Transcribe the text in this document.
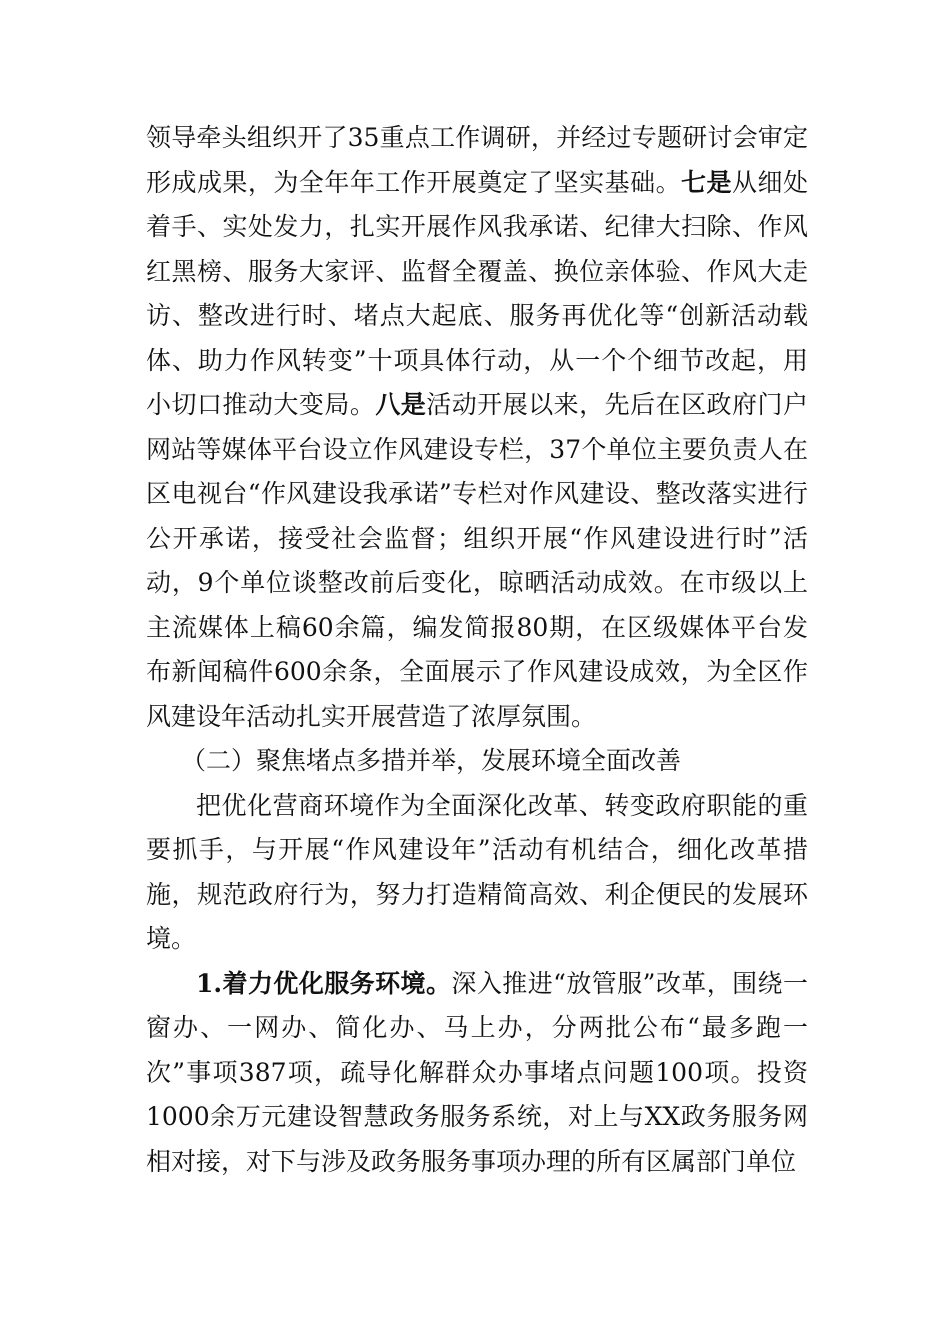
领导牵头组织开了35重点工作调研，并经过专题研讨会审定形成成果，为全年年工作开展奠定了坚实基础。七是从细处着手、实处发力，扎实开展作风我承诺、纪律大扫除、作风红黑榜、服务大家评、监督全覆盖、换位亲体验、作风大走访、整改进行时、堵点大起底、服务再优化等“创新活动载体、助力作风转变”十项具体行动，从一个个细节改起，用小切口推动大变局。八是活动开展以来，先后在区政府门户网站等媒体平台设立作风建设专栏，37个单位主要负责人在区电视台“作风建设我承诺”专栏对作风建设、整改落实进行公开承诺，接受社会监督；组织开展“作风建设进行时”活动，9个单位谈整改前后变化，晾晒活动成效。在市级以上主流媒体上稿60余篇，编发简报80期，在区级媒体平台发布新闻稿件600余条，全面展示了作风建设成效，为全区作风建设年活动扎实开展营造了浓厚氛围。

（二）聚焦堵点多措并举，发展环境全面改善

把优化营商环境作为全面深化改革、转变政府职能的重要抓手，与开展“作风建设年”活动有机结合，细化改革措施，规范政府行为，努力打造精简高效、利企便民的发展环境。

1.着力优化服务环境。深入推进“放管服”改革，围绕一窗办、一网办、简化办、马上办，分两批公布“最多跑一次”事项387项，疏导化解群众办事堵点问题100项。投资1000余万元建设智慧政务服务系统，对上与XX政务服务网相对接，对下与涉及政务服务事项办理的所有区属部门单位
